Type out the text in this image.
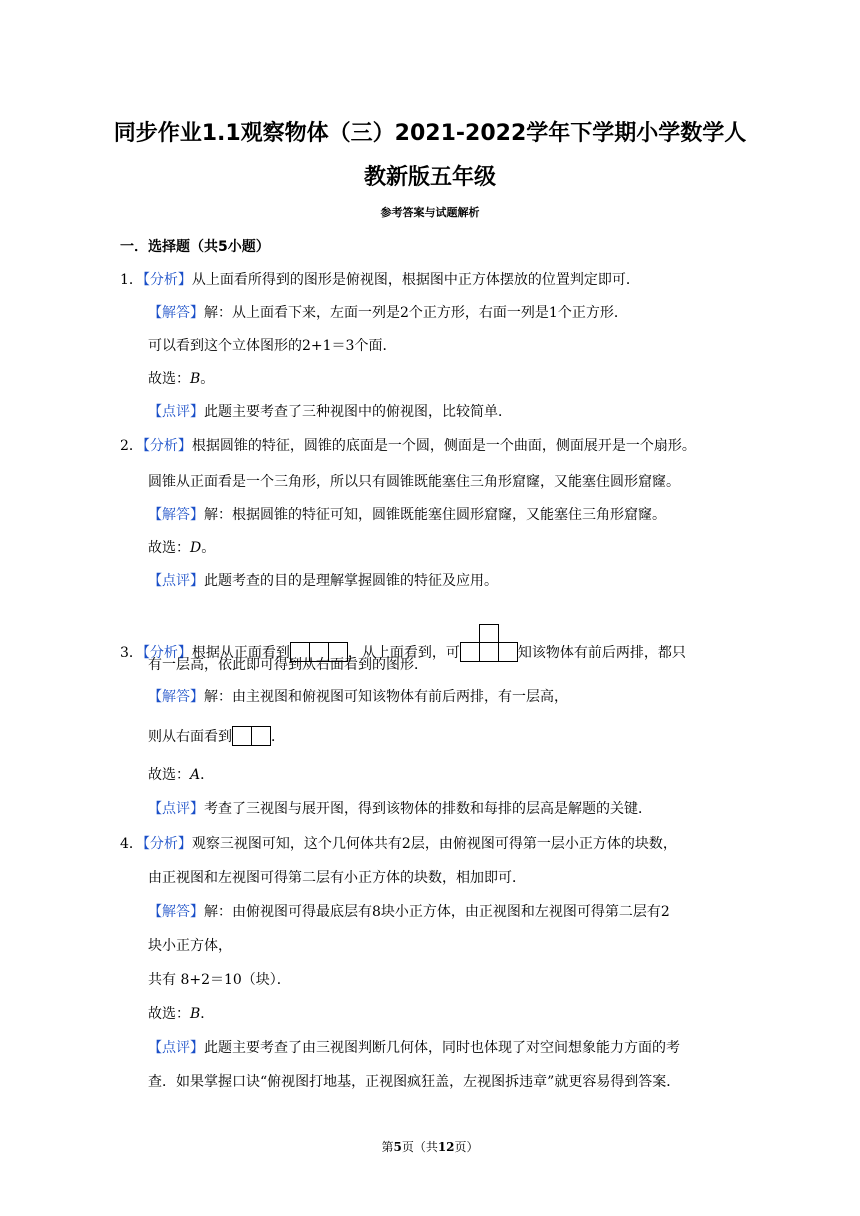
同步作业1.1观察物体（三）2021-2022学年下学期小学数学人
教新版五年级
参考答案与试题解析
一．选择题（共5小题）
1．【分析】从上面看所得到的图形是俯视图，根据图中正方体摆放的位置判定即可．
【解答】解：从上面看下来，左面一列是2个正方形，右面一列是1个正方形．
可以看到这个立体图形的2+1＝3个面．
故选：B。
【点评】此题主要考查了三种视图中的俯视图，比较简单．
2．【分析】根据圆锥的特征，圆锥的底面是一个圆，侧面是一个曲面，侧面展开是一个扇形。
圆锥从正面看是一个三角形，所以只有圆锥既能塞住三角形窟窿，又能塞住圆形窟窿。
【解答】解：根据圆锥的特征可知，圆锥既能塞住圆形窟窿，又能塞住三角形窟窿。
故选：D。
【点评】此题考查的目的是理解掌握圆锥的特征及应用。
3．【分析】根据从正面看到	，从上面看到，可	知该物体有前后两排，都只
有一层高，依此即可得到从右面看到的图形．
【解答】解：由主视图和俯视图可知该物体有前后两排，有一层高，
则从右面看到	．
故选：A．
【点评】考查了三视图与展开图，得到该物体的排数和每排的层高是解题的关键．
4．【分析】观察三视图可知，这个几何体共有2层，由俯视图可得第一层小正方体的块数，
由正视图和左视图可得第二层有小正方体的块数，相加即可．
【解答】解：由俯视图可得最底层有8块小正方体，由正视图和左视图可得第二层有2
块小正方体，
共有 8+2＝10（块）．
故选：B．
【点评】此题主要考查了由三视图判断几何体，同时也体现了对空间想象能力方面的考
查．如果掌握口诀“俯视图打地基，正视图疯狂盖，左视图拆违章”就更容易得到答案．
第5页（共12页）
